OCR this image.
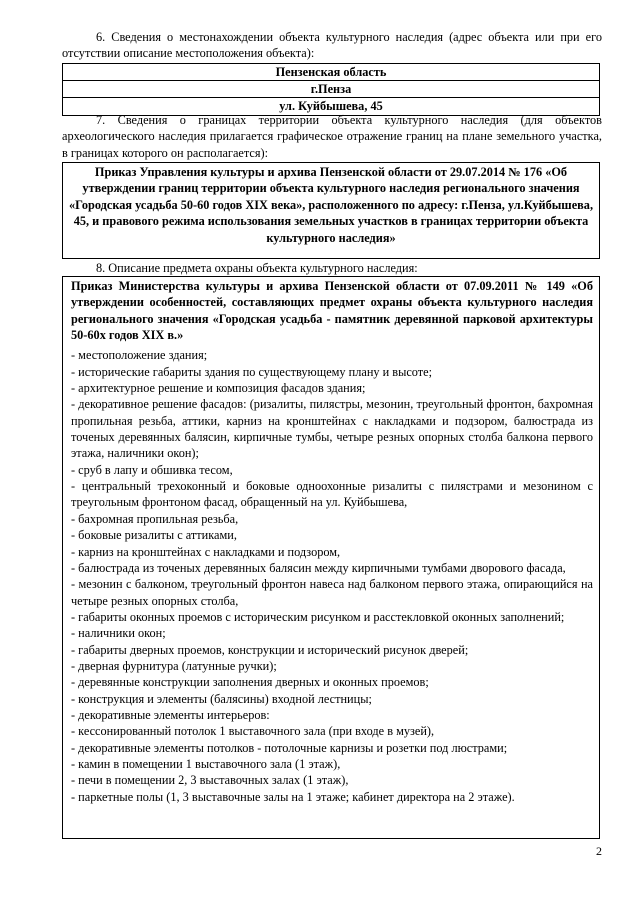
6. Сведения о местонахождении объекта культурного наследия (адрес объекта или при его отсутствии описание местоположения объекта):

Пензенская область
г.Пенза
ул. Куйбышева, 45

7. Сведения о границах территории объекта культурного наследия (для объектов археологического наследия прилагается графическое отражение границ на плане земельного участка, в границах которого он располагается):

Приказ Управления культуры и архива Пензенской области от 29.07.2014 № 176 «Об утверждении границ территории объекта культурного наследия регионального значения «Городская усадьба 50-60 годов XIX века», расположенного по адресу: г.Пенза, ул.Куйбышева, 45, и правового режима использования земельных участков в границах территории объекта культурного наследия»

8. Описание предмета охраны объекта культурного наследия:

Приказ Министерства культуры и архива Пензенской области от 07.09.2011 № 149 «Об утверждении особенностей, составляющих предмет охраны объекта культурного наследия регионального значения «Городская усадьба - памятник деревянной парковой архитектуры 50-60х годов XIX в.»

- местоположение здания;

- исторические габариты здания по существующему плану и высоте;

- архитектурное решение и композиция фасадов здания;

- декоративное решение фасадов: (ризалиты, пилястры, мезонин, треугольный фронтон, бахромная пропильная резьба, аттики, карниз на кронштейнах с накладками и подзором, балюстрада из точеных деревянных балясин, кирпичные тумбы, четыре резных опорных столба балкона первого этажа, наличники окон);

- сруб в лапу и обшивка тесом,

- центральный трехоконный и боковые одноохонные ризалиты с пилястрами и мезонином с треугольным фронтоном фасад, обращенный на ул. Куйбышева,

- бахромная пропильная резьба,

- боковые ризалиты с аттиками,

- карниз на кронштейнах с накладками и подзором,

- балюстрада из точеных деревянных балясин между кирпичными тумбами дворового фасада,

- мезонин с балконом, треугольный фронтон навеса над балконом первого этажа, опирающийся на четыре резных опорных столба,

- габариты оконных проемов с историческим рисунком и расстекловкой оконных заполнений;

- наличники окон;

- габариты дверных проемов, конструкции и исторический рисунок дверей;

- дверная фурнитура (латунные ручки);

- деревянные конструкции заполнения дверных и оконных проемов;

- конструкция и элементы (балясины) входной лестницы;

- декоративные элементы интерьеров:

- кессонированный потолок 1 выставочного зала (при входе в музей),

- декоративные элементы потолков - потолочные карнизы и розетки под люстрами;

- камин в помещении 1 выставочного зала (1 этаж),

- печи в помещении 2, 3 выставочных залах (1 этаж),

- паркетные полы (1, 3 выставочные залы на 1 этаже; кабинет директора на 2 этаже).

2
